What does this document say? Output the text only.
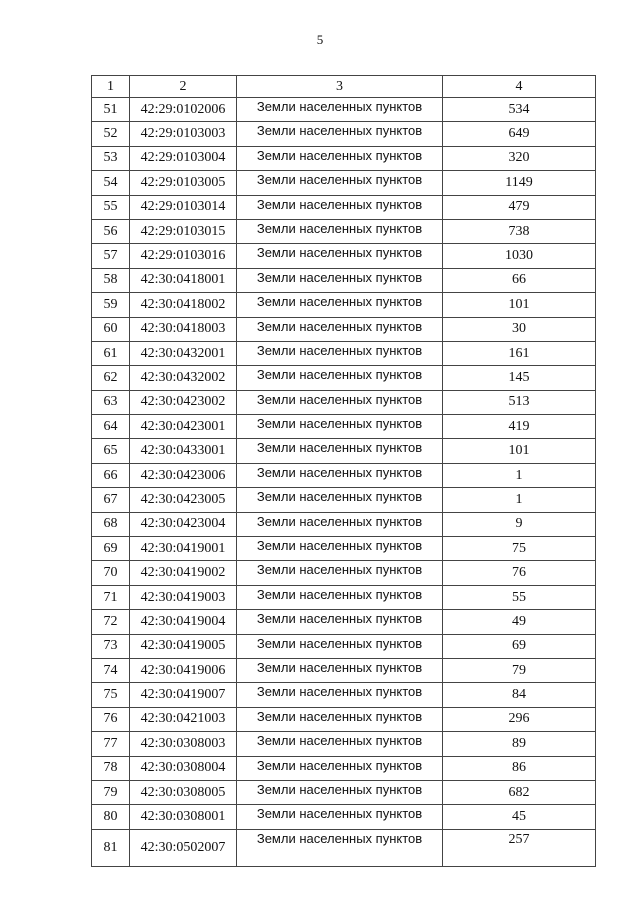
5
1	2	3	4
51	42:29:0102006	Земли населенных пунктов	534
52	42:29:0103003	Земли населенных пунктов	649
53	42:29:0103004	Земли населенных пунктов	320
54	42:29:0103005	Земли населенных пунктов	1149
55	42:29:0103014	Земли населенных пунктов	479
56	42:29:0103015	Земли населенных пунктов	738
57	42:29:0103016	Земли населенных пунктов	1030
58	42:30:0418001	Земли населенных пунктов	66
59	42:30:0418002	Земли населенных пунктов	101
60	42:30:0418003	Земли населенных пунктов	30
61	42:30:0432001	Земли населенных пунктов	161
62	42:30:0432002	Земли населенных пунктов	145
63	42:30:0423002	Земли населенных пунктов	513
64	42:30:0423001	Земли населенных пунктов	419
65	42:30:0433001	Земли населенных пунктов	101
66	42:30:0423006	Земли населенных пунктов	1
67	42:30:0423005	Земли населенных пунктов	1
68	42:30:0423004	Земли населенных пунктов	9
69	42:30:0419001	Земли населенных пунктов	75
70	42:30:0419002	Земли населенных пунктов	76
71	42:30:0419003	Земли населенных пунктов	55
72	42:30:0419004	Земли населенных пунктов	49
73	42:30:0419005	Земли населенных пунктов	69
74	42:30:0419006	Земли населенных пунктов	79
75	42:30:0419007	Земли населенных пунктов	84
76	42:30:0421003	Земли населенных пунктов	296
77	42:30:0308003	Земли населенных пунктов	89
78	42:30:0308004	Земли населенных пунктов	86
79	42:30:0308005	Земли населенных пунктов	682
80	42:30:0308001	Земли населенных пунктов	45
81	42:30:0502007	Земли населенных пунктов	257
